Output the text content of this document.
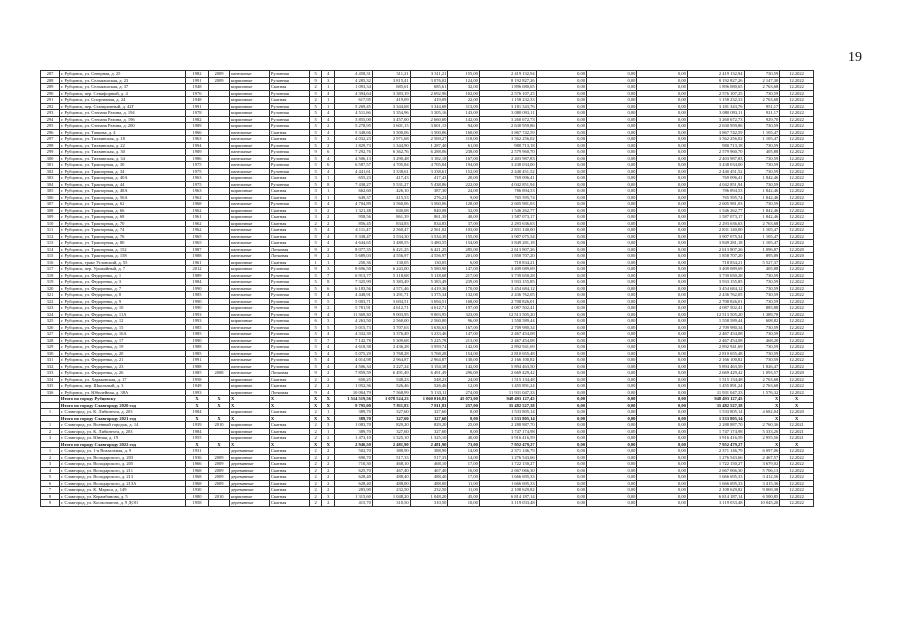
19
287	г. Рубцовск, ул. Северная, д. 25	1982	2009	панельные	Рулонная	5	4	4 458,31	311,21	3 311,21	155,00	2 419 132,94	0,00	0,00	0,00	2 419 132,94	730,59	12.2022
288	г. Рубцовск, ул. Сельмашская, д. 23	1991	2009	кирпичные	Рулонная	9	3	4 285,32	3 815,41	3 076,02	124,00	8 192 827,26	0,00	0,00	0,00	8 192 827,26	2 147,30	12.2022
289	г. Рубцовск, ул. Сельмашская, д. 37	1948		кирпичные	Скатная	2	1	1 093,34	685,61	685,61	32,00	1 896 080,65	0,00	0,00	0,00	1 896 080,65	2 763,68	12.2022
290	г. Рубцовск, пер. Семафорный, д. 4	1976		кирпичные	Рулонная	5	4	4 394,64	3 383,19	2 692,96	102,00	2 576 107,25	0,00	0,00	0,00	2 576 107,25	730,59	12.2022
291	г. Рубцовск, ул. Спортивная, д. 24	1948		кирпичные	Скатная	2	1	617,95	419,09	419,09	22,00	1 158 232,33	0,00	0,00	0,00	1 158 232,33	2 763,68	12.2022
292	г. Рубцовск, пер. Станционный, д. 42Г	1991		кирпичные	Рулонная	5	1	5 269,45	3 344,68	3 344,68	113,00	3 181 343,76	0,00	0,00	0,00	3 181 343,76	951,17	12.2022
293	г. Рубцовск, ул. Степана Разина, д. 194	1978		кирпичные	Рулонная	5	4	4 511,66	3 354,96	3 305,16	143,00	3 080 093,11	0,00	0,00	0,00	3 080 093,11	921,17	12.2022
294	г. Рубцовск, ул. Степана Разина, д. 196	1982		кирпичные	Рулонная	5	4	3 855,00	3 457,00	2 660,00	142,00	3 260 672,73	0,00	0,00	0,00	3 260 672,73	929,70	12.2022
295	г. Рубцовск, ул. Степана Разина, д. 200	1989		кирпичные	Рулонная	5	2	5 278,95	3 601,15	3 601,15	94,00	2 630 959,86	0,00	0,00	0,00	2 630 959,86	730,59	12.2022
296	г. Рубцовск, ул. Тапкова, д. 4	1966		панельные	Скатная	5	4	5 348,66	3 500,06	3 500,06	160,00	3 867 742,59	0,00	0,00	0,00	3 867 742,59	1 105,47	12.2022
297	г. Рубцовск, ул. Тихвинская, д. 18	1963		панельные	Скатная	5	3	4 032,23	2 971,68	2 569,27	118,00	3 562 256,02	0,00	0,00	0,00	3 562 256,02	1 105,47	12.2022
298	г. Рубцовск, ул. Тихвинская, д. 22	1994		кирпичные	Рулонная	5	2	1 829,73	1 344,90	1 287,40	61,00	980 713,18	0,00	0,00	0,00	980 713,18	730,59	12.2022
299	г. Рубцовск, ул. Тихвинская, д. 30	1989		панельные	Рулонная	9	6	7 292,76	6 362,76	6 288,06	238,00	2 579 960,70	0,00	0,00	0,00	2 579 960,70	405,88	12.2022
300	г. Рубцовск, ул. Тихвинская, д. 34	1986		панельные	Рулонная	5	4	4 506,13	3 290,48	3 182,18	167,00	2 403 987,83	0,00	0,00	0,00	2 403 987,83	730,59	12.2022
301	г. Рубцовск, ул. Тракторная, д. 30	1975		панельные	Рулонная	5	6	6 587,57	4 705,84	4 705,84	194,00	3 438 034,00	0,00	0,00	0,00	3 438 034,00	730,59	12.2022
302	г. Рубцовск, ул. Тракторная, д. 34	1975		панельные	Рулонная	5	4	4 441,61	3 338,61	3 338,61	152,00	2 440 451,52	0,00	0,00	0,00	2 440 451,52	730,59	12.2022
303	г. Рубцовск, ул. Тракторная, д. 40А	1963		кирпичные	Скатная	3	1	655,23	417,43	417,43	20,00	769 096,41	0,00	0,00	0,00	769 096,41	1 842,46	12.2022
304	г. Рубцовск, ул. Тракторная, д. 44	1975		панельные	Рулонная	5	8	7 438,27	5 531,27	5 438,86	222,00	4 042 851,94	0,00	0,00	0,00	4 042 851,94	730,59	12.2022
305	г. Рубцовск, ул. Тракторная, д. 48А	1963		кирпичные	Скатная	3	1	662,60	426,10	387,30	24,00	786 894,53	0,00	0,00	0,00	786 894,53	1 842,46	12.2022
306	г. Рубцовск, ул. Тракторная, д. 56А	1962		кирпичные	Скатная	3	1	649,37	415,53	276,23	9,00	765 595,74	0,00	0,00	0,00	765 595,74	1 842,46	12.2022
307	г. Рубцовск, ул. Тракторная, д. 62	1968		панельные	Рулонная	5	4	4 704,89	3 560,06	3 560,06	128,00	2 605 981,03	0,00	0,00	0,00	2 605 981,03	730,59	12.2022
308	г. Рубцовск, ул. Тракторная, д. 66	1962		кирпичные	Скатная	3	2	1 321,48	840,08	840,08	32,00	1 546 262,77	0,00	0,00	0,00	1 546 262,77	1 842,46	12.2022
309	г. Рубцовск, ул. Тракторная, д. 68	1961		кирпичные	Скатная	3	2	958,56	861,39	861,39	40,00	1 587 073,17	0,00	0,00	0,00	1 587 073,17	1 842,46	12.2022
310	г. Рубцовск, ул. Тракторная, д. 70	1962		кирпичные	Скатная	2	2	856,45	834,83	834,83	37,00	2 293 636,63	0,00	0,00	0,00	2 293 636,63	2 763,68	12.2022
311	г. Рубцовск, ул. Тракторная, д. 74	1962		панельные	Скатная	5	4	4 111,47	2 560,47	2 561,02	103,00	2 831 140,00	0,00	0,00	0,00	2 831 140,00	1 105,47	12.2022
312	г. Рубцовск, ул. Тракторная, д. 76	1965		панельные	Скатная	5	4	5 338,47	3 534,30	3 534,30	155,00	3 907 075,34	0,00	0,00	0,00	3 907 075,34	1 105,47	12.2022
313	г. Рубцовск, ул. Тракторная, д. 80	1965		панельные	Скатная	5	4	4 644,65	3 480,55	3 480,55	154,00	3 849 281,18	0,00	0,00	0,00	3 849 281,18	1 105,47	12.2022
314	г. Рубцовск, ул. Тракторная, д. 152	1987		панельные	Лотковая	9	2	8 077,35	6 421,25	6 421,25	285,00	2 613 807,26	0,00	0,00	0,00	2 613 807,26	1 096,87	12.2020
315	г. Рубцовск, ул. Тракторная, д. 158	1988		панельные	Лотковая	9	2	5 689,03	4 556,97	4 556,97	201,00	1 858 707,20	0,00	0,00	0,00	1 858 707,20	895,89	12.2020
316	г. Рубцовск, тракт Угловский, д. 55	1961		кирпичные	Скатная	1	1	250,36	130,05	130,05	6,00	718 834,21	0,00	0,00	0,00	718 834,21	5 527,37	12.2022
317	г. Рубцовск, пер. Урожайный, д. 7	2012		кирпичные	Рулонная	9	3	8 696,50	6 243,00	5 580,90	147,00	3 409 089,69	0,00	0,00	0,00	3 409 089,69	405,88	12.2022
318	г. Рубцовск, ул. Федоренко, д. 1	1989		панельные	Рулонная	5	7	6 913,77	5 118,68	5 118,68	217,00	3 739 650,28	0,00	0,00	0,00	3 739 650,28	730,59	12.2022
319	г. Рубцовск, ул. Федоренко, д. 3	1984		панельные	Рулонная	5	8	7 325,99	5 383,49	5 383,49	239,00	3 933 155,85	0,00	0,00	0,00	3 933 155,85	730,59	12.2022
320	г. Рубцовск, ул. Федоренко, д. 7	1990		панельные	Рулонная	5	6	6 183,56	4 571,46	4 419,36	170,00	3 454 684,12	0,00	0,00	0,00	3 454 684,12	730,59	12.2022
321	г. Рубцовск, ул. Федоренко, д. 8	1985		панельные	Рулонная	5	4	4 448,91	3 291,71	3 375,34	132,00	2 436 762,05	0,00	0,00	0,00	2 436 762,05	730,59	12.2022
322	г. Рубцовск, ул. Федоренко, д. 9	1990		панельные	Рулонная	5	5	5 003,71	3 694,51	3 694,51	168,00	2 708 826,01	0,00	0,00	0,00	2 708 826,01	730,59	12.2022
323	г. Рубцовск, ул. Федоренко, д. 10	1990		кирпичные	Рулонная	9	2	5 781,91	4 612,71	4 612,71	197,00	4 087 502,41	0,00	0,00	0,00	4 087 502,41	885,88	12.2022
324	г. Рубцовск, ул. Федоренко, д. 11А	1993		панельные	Рулонная	9	4	11 369,30	9 003,95	9 003,95	323,00	12 513 505,20	0,00	0,00	0,00	12 513 505,20	1 389,78	12.2022
325	г. Рубцовск, ул. Федоренко, д. 12	1993		кирпичные	Рулонная	6	3	4 263,50	2 560,00	2 560,00	96,00	1 558 589,44	0,00	0,00	0,00	1 558 589,44	608,82	12.2022
326	г. Рубцовск, ул. Федоренко, д. 15	1985		панельные	Рулонная	5	5	5 015,73	3 707,63	3 636,63	167,00	2 709 980,34	0,00	0,00	0,00	2 709 980,34	730,59	12.2022
327	г. Рубцовск, ул. Федоренко, д. 16А	1985		панельные	Рулонная	5	4	4 332,39	3 376,49	3 233,46	147,00	2 467 454,08	0,00	0,00	0,00	2 467 454,08	730,59	12.2022
328	г. Рубцовск, ул. Федоренко, д. 17	1990		панельные	Рулонная	5	7	7 142,78	5 309,68	5 225,78	213,00	2 467 454,08	0,00	0,00	0,00	2 467 454,08	468,20	12.2022
329	г. Рубцовск, ул. Федоренко, д. 19	1988		панельные	Рулонная	5	4	4 618,38	3 436,28	3 959,74	142,00	2 892 941,69	0,00	0,00	0,00	2 892 941,69	730,59	12.2022
330	г. Рубцовск, ул. Федоренко, д. 20	1985		панельные	Рулонная	5	4	5 075,29	3 768,28	3 768,28	154,00	2 810 655,48	0,00	0,00	0,00	2 810 655,48	730,59	12.2022
331	г. Рубцовск, ул. Федоренко, д. 21	1991		панельные	Рулонная	5	4	4 014,98	2 964,87	2 964,87	130,00	2 166 100,82	0,00	0,00	0,00	2 166 100,82	730,59	12.2022
332	г. Рубцовск, ул. Федоренко, д. 23	1988		панельные	Рулонная	5	4	4 506,34	3 227,24	3 154,38	142,00	5 894 463,50	0,00	0,00	0,00	5 894 463,50	1 826,47	12.2022
333	г. Рубцовск, ул. Федоренко, д. 26	1985	2008	панельные	Лотковая	9	2	7 859,59	6 491,49	6 491,49	296,00	2 669 429,42	0,00	0,00	0,00	2 669 429,42	1 093,57	12.2020
334	г. Рубцовск, ул. Харьковская, д. 17	1958		кирпичные	Скатная	2	2	650,25	548,23	548,23	24,00	1 515 134,48	0,00	0,00	0,00	1 515 134,48	2 763,68	12.2022
335	г. Рубцовск, пер. Школьный, д. 3	1949		кирпичные	Скатная	2	2	1 052,36	526,46	526,46	12,00	1 455 891,24	0,00	0,00	0,00	1 455 891,24	2 763,68	12.2022
336	г. Рубцовск, ул. Юбилейная, д. 38А	1993		кирпичные	Лотковая	9	4	10 004,79	7 568,99	5 133,11	274,00	11 931 047,33	0,00	0,00	0,00	11 931 047,33	1 576,32	12.2022
	Итого по городу Рубцовску	X	X	X	X	X	X	1 514 519,56	1 078 524,23	1 060 016,83	45 073,00	948 493 127,45	0,00	0,00	0,00	948 493 127,45	X	X
	Итого по городу Славгороду 2020 год	X	X	X	X	X	X	9 795,00	7 811,83	7 811,83	257,00	35 482 527,38	0,00	0,00	0,00	35 482 527,38	X	X
1	г. Славгород, ул. К. Либкнехта, д. 203	1984		кирпичные	Скатная	2	1	389,70	327,60	327,60	8,00	1 533 805,14	0,00	0,00	0,00	1 533 805,14	4 682,04	12.2020
	Итого по городу Славгороду 2021 год	X	X	X	X	X	X	389,70	327,60	327,60	8,00	1 533 805,14	0,00	0,00	0,00	1 533 805,14	X	X
1	г. Славгород, ул. Военный городок, д. 14	1939	2010	кирпичные	Скатная	2	3	1 083,70	829,20	829,20	25,00	2 288 887,70	0,00	0,00	0,00	2 288 887,70	2 760,36	12.2021
2	г. Славгород, ул. К. Либкнехта, д. 203	1984		кирпичные	Скатная	2	1	389,70	327,60	327,60	8,00	1 747 174,98	0,00	0,00	0,00	1 747 174,98	5 333,26	12.2021
3	г. Славгород, ул. Юнная, д. 19	1955		кирпичные	Скатная	2	2	1 473,10	1 325,10	1 325,10	40,00	3 916 416,59	0,00	0,00	0,00	3 916 416,59	2 955,56	12.2021
	Итого по городу Славгороду 2022 год	X	X	X	X	X	X	2 946,50	2 481,90	2 481,90	73,00	7 952 479,27	0,00	0,00	0,00	7 952 479,27	X	X
1	г. Славгород, ул. 1-я Вокзальная, д. 9	1931		деревянные	Скатная	2	2	502,70	388,90	388,90	14,00	2 371 146,79	0,00	0,00	0,00	2 371 146,79	6 097,06	12.2022
2	г. Славгород, ул. Володарского, д. 203	1936	2009	кирпичные	Скатная	2	2	690,70	517,33	517,33	14,00	1 276 543,66	0,00	0,00	0,00	1 276 543,66	2 467,57	12.2022
3	г. Славгород, ул. Володарского, д. 205	1966	2009	деревянные	Скатная	2	2	710,30	468,10	468,10	17,00	1 722 150,27	0,00	0,00	0,00	1 722 150,27	3 679,02	12.2022
4	г. Славгород, ул. Володарского, д. 211	1968	2009	деревянные	Скатная	2	2	625,70	467,40	467,40	16,00	2 667 066,30	0,00	0,00	0,00	2 667 066,30	5 706,13	12.2022
5	г. Славгород, ул. Володарского, д. 213	1968	2009	деревянные	Скатная	2	2	628,40	488,40	488,40	17,00	1 666 695,33	0,00	0,00	0,00	1 666 695,33	3 412,56	12.2022
6	г. Славгород, ул. Володарского, д. 213А	1968	2009	деревянные	Скатная	2	2	628,40	488,00	488,00	11,00	1 666 695,33	0,00	0,00	0,00	1 666 695,33	3 415,36	12.2022
7	г. Славгород, ул. К. Маркса, д. 149	1930		деревянные	Скатная	2	2	283,90	232,50	232,50	11,00	2 108 629,82	0,00	0,00	0,00	2 108 629,82	9 069,38	12.2022
8	г. Славгород, ул. Керамбинова, д. 5	1980	2010	кирпичные	Скатная	2	3	1 315,60	1 048,20	1 048,20	45,00	6 814 187,14	0,00	0,00	0,00	6 814 187,14	6 500,85	12.2022
9	г. Славгород, ул. Космонавтов, д. 9 ДОО	1958		деревянные	Скатная	2	2	415,70	310,50	310,50	10,00	3 119 033,48	0,00	0,00	0,00	3 119 033,48	10 045,20	12.2022
